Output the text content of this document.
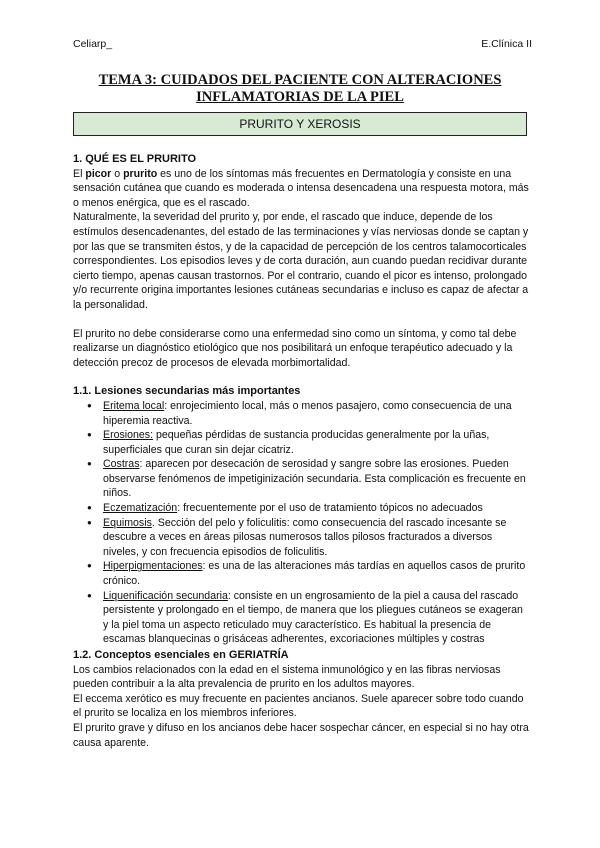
Celiarp_	E.Clínica II
TEMA 3: CUIDADOS DEL PACIENTE CON ALTERACIONES
INFLAMATORIAS DE LA PIEL
PRURITO Y XEROSIS

1. QUÉ ES EL PRURITO

El picor o prurito es uno de los síntomas más frecuentes en Dermatología y consiste en una sensación cutánea que cuando es moderada o intensa desencadena una respuesta motora, más o menos enérgica, que es el rascado.

Naturalmente, la severidad del prurito y, por ende, el rascado que induce, depende de los estímulos desencadenantes, del estado de las terminaciones y vías nerviosas donde se captan y por las que se transmiten éstos, y de la capacidad de percepción de los centros talamocorticales correspondientes. Los episodios leves y de corta duración, aun cuando puedan recidivar durante cierto tiempo, apenas causan trastornos. Por el contrario, cuando el picor es intenso, prolongado y/o recurrente origina importantes lesiones cutáneas secundarias e incluso es capaz de afectar a la personalidad.

El prurito no debe considerarse como una enfermedad sino como un síntoma, y como tal debe realizarse un diagnóstico etiológico que nos posibilitará un enfoque terapéutico adecuado y la detección precoz de procesos de elevada morbimortalidad.

1.1. Lesiones secundarias más importantes

● Eritema local: enrojecimiento local, más o menos pasajero, como consecuencia de una hiperemia reactiva.
● Erosiones: pequeñas pérdidas de sustancia producidas generalmente por la uñas, superficiales que curan sin dejar cicatriz.
● Costras: aparecen por desecación de serosidad y sangre sobre las erosiones. Pueden observarse fenómenos de impetiginización secundaria. Esta complicación es frecuente en niños.
● Eczematización: frecuentemente por el uso de tratamiento tópicos no adecuados
● Equimosis. Sección del pelo y foliculitis: como consecuencia del rascado incesante se descubre a veces en áreas pilosas numerosos tallos pilosos fracturados a diversos niveles, y con frecuencia episodios de foliculitis.
● Hiperpigmentaciones: es una de las alteraciones más tardías en aquellos casos de prurito crónico.
● Liquenificación secundaria: consiste en un engrosamiento de la piel a causa del rascado persistente y prolongado en el tiempo, de manera que los pliegues cutáneos se exageran y la piel toma un aspecto reticulado muy característico. Es habitual la presencia de escamas blanquecinas o grisáceas adherentes, excoriaciones múltiples y costras

1.2. Conceptos esenciales en GERIATRÍA

Los cambios relacionados con la edad en el sistema inmunológico y en las fibras nerviosas pueden contribuir a la alta prevalencia de prurito en los adultos mayores.

El eccema xerótico es muy frecuente en pacientes ancianos. Suele aparecer sobre todo cuando el prurito se localiza en los miembros inferiores.

El prurito grave y difuso en los ancianos debe hacer sospechar cáncer, en especial si no hay otra causa aparente.
